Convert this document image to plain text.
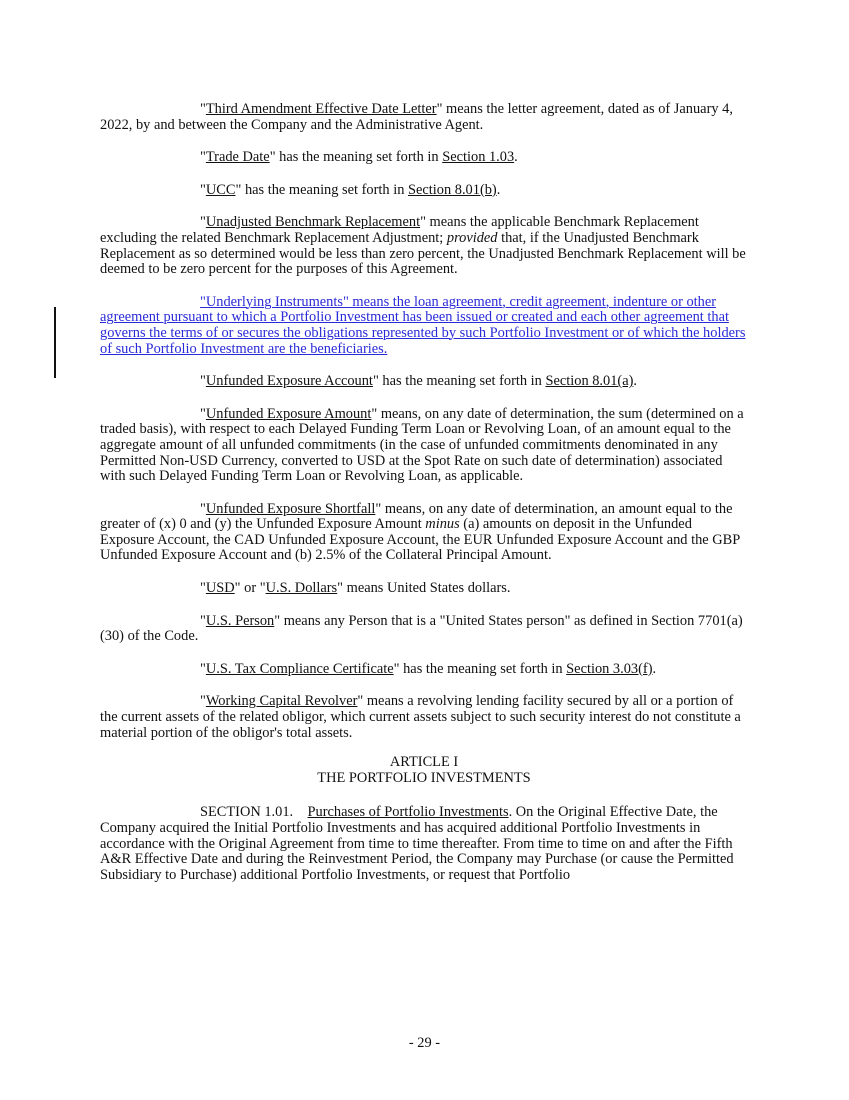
"Third Amendment Effective Date Letter" means the letter agreement, dated as of January 4, 2022, by and between the Company and the Administrative Agent.

"Trade Date" has the meaning set forth in Section 1.03.

"UCC" has the meaning set forth in Section 8.01(b).

"Unadjusted Benchmark Replacement" means the applicable Benchmark Replacement excluding the related Benchmark Replacement Adjustment; provided that, if the Unadjusted Benchmark Replacement as so determined would be less than zero percent, the Unadjusted Benchmark Replacement will be deemed to be zero percent for the purposes of this Agreement.

"Underlying Instruments" means the loan agreement, credit agreement, indenture or other agreement pursuant to which a Portfolio Investment has been issued or created and each other agreement that governs the terms of or secures the obligations represented by such Portfolio Investment or of which the holders of such Portfolio Investment are the beneficiaries.

"Unfunded Exposure Account" has the meaning set forth in Section 8.01(a).

"Unfunded Exposure Amount" means, on any date of determination, the sum (determined on a traded basis), with respect to each Delayed Funding Term Loan or Revolving Loan, of an amount equal to the aggregate amount of all unfunded commitments (in the case of unfunded commitments denominated in any Permitted Non-USD Currency, converted to USD at the Spot Rate on such date of determination) associated with such Delayed Funding Term Loan or Revolving Loan, as applicable.

"Unfunded Exposure Shortfall" means, on any date of determination, an amount equal to the greater of (x) 0 and (y) the Unfunded Exposure Amount minus (a) amounts on deposit in the Unfunded Exposure Account, the CAD Unfunded Exposure Account, the EUR Unfunded Exposure Account and the GBP Unfunded Exposure Account and (b) 2.5% of the Collateral Principal Amount.

"USD" or "U.S. Dollars" means United States dollars.

"U.S. Person" means any Person that is a "United States person" as defined in Section 7701(a)(30) of the Code.

"U.S. Tax Compliance Certificate" has the meaning set forth in Section 3.03(f).

"Working Capital Revolver" means a revolving lending facility secured by all or a portion of the current assets of the related obligor, which current assets subject to such security interest do not constitute a material portion of the obligor's total assets.

ARTICLE I
THE PORTFOLIO INVESTMENTS

SECTION 1.01. Purchases of Portfolio Investments. On the Original Effective Date, the Company acquired the Initial Portfolio Investments and has acquired additional Portfolio Investments in accordance with the Original Agreement from time to time thereafter. From time to time on and after the Fifth A&R Effective Date and during the Reinvestment Period, the Company may Purchase (or cause the Permitted Subsidiary to Purchase) additional Portfolio Investments, or request that Portfolio

- 29 -
